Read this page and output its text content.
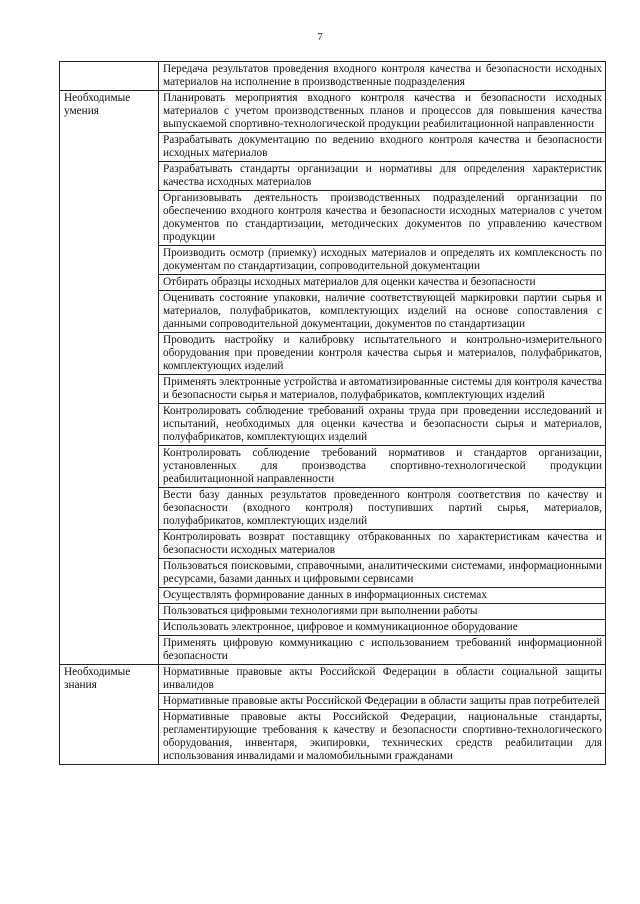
7
	Передача результатов проведения входного контроля качества и безопасности исходных материалов на исполнение в производственные подразделения
Необходимые умения	Планировать мероприятия входного контроля качества и безопасности исходных материалов с учетом производственных планов и процессов для повышения качества выпускаемой спортивно-технологической продукции реабилитационной направленности
	Разрабатывать документацию по ведению входного контроля качества и безопасности исходных материалов
	Разрабатывать стандарты организации и нормативы для определения характеристик качества исходных материалов
	Организовывать деятельность производственных подразделений организации по обеспечению входного контроля качества и безопасности исходных материалов с учетом документов по стандартизации, методических документов по управлению качеством продукции
	Производить осмотр (приемку) исходных материалов и определять их комплексность по документам по стандартизации, сопроводительной документации
	Отбирать образцы исходных материалов для оценки качества и безопасности
	Оценивать состояние упаковки, наличие соответствующей маркировки партии сырья и материалов, полуфабрикатов, комплектующих изделий на основе сопоставления с данными сопроводительной документации, документов по стандартизации
	Проводить настройку и калибровку испытательного и контрольно-измерительного оборудования при проведении контроля качества сырья и материалов, полуфабрикатов, комплектующих изделий
	Применять электронные устройства и автоматизированные системы для контроля качества и безопасности сырья и материалов, полуфабрикатов, комплектующих изделий
	Контролировать соблюдение требований охраны труда при проведении исследований и испытаний, необходимых для оценки качества и безопасности сырья и материалов, полуфабрикатов, комплектующих изделий
	Контролировать соблюдение требований нормативов и стандартов организации, установленных для производства спортивно-технологической продукции реабилитационной направленности
	Вести базу данных результатов проведенного контроля соответствия по качеству и безопасности (входного контроля) поступивших партий сырья, материалов, полуфабрикатов, комплектующих изделий
	Контролировать возврат поставщику отбракованных по характеристикам качества и безопасности исходных материалов
	Пользоваться поисковыми, справочными, аналитическими системами, информационными ресурсами, базами данных и цифровыми сервисами
	Осуществлять формирование данных в информационных системах
	Пользоваться цифровыми технологиями при выполнении работы
	Использовать электронное, цифровое и коммуникационное оборудование
	Применять цифровую коммуникацию с использованием требований информационной безопасности
Необходимые знания	Нормативные правовые акты Российской Федерации в области социальной защиты инвалидов
	Нормативные правовые акты Российской Федерации в области защиты прав потребителей
	Нормативные правовые акты Российской Федерации, национальные стандарты, регламентирующие требования к качеству и безопасности спортивно-технологического оборудования, инвентаря, экипировки, технических средств реабилитации для использования инвалидами и маломобильными гражданами
